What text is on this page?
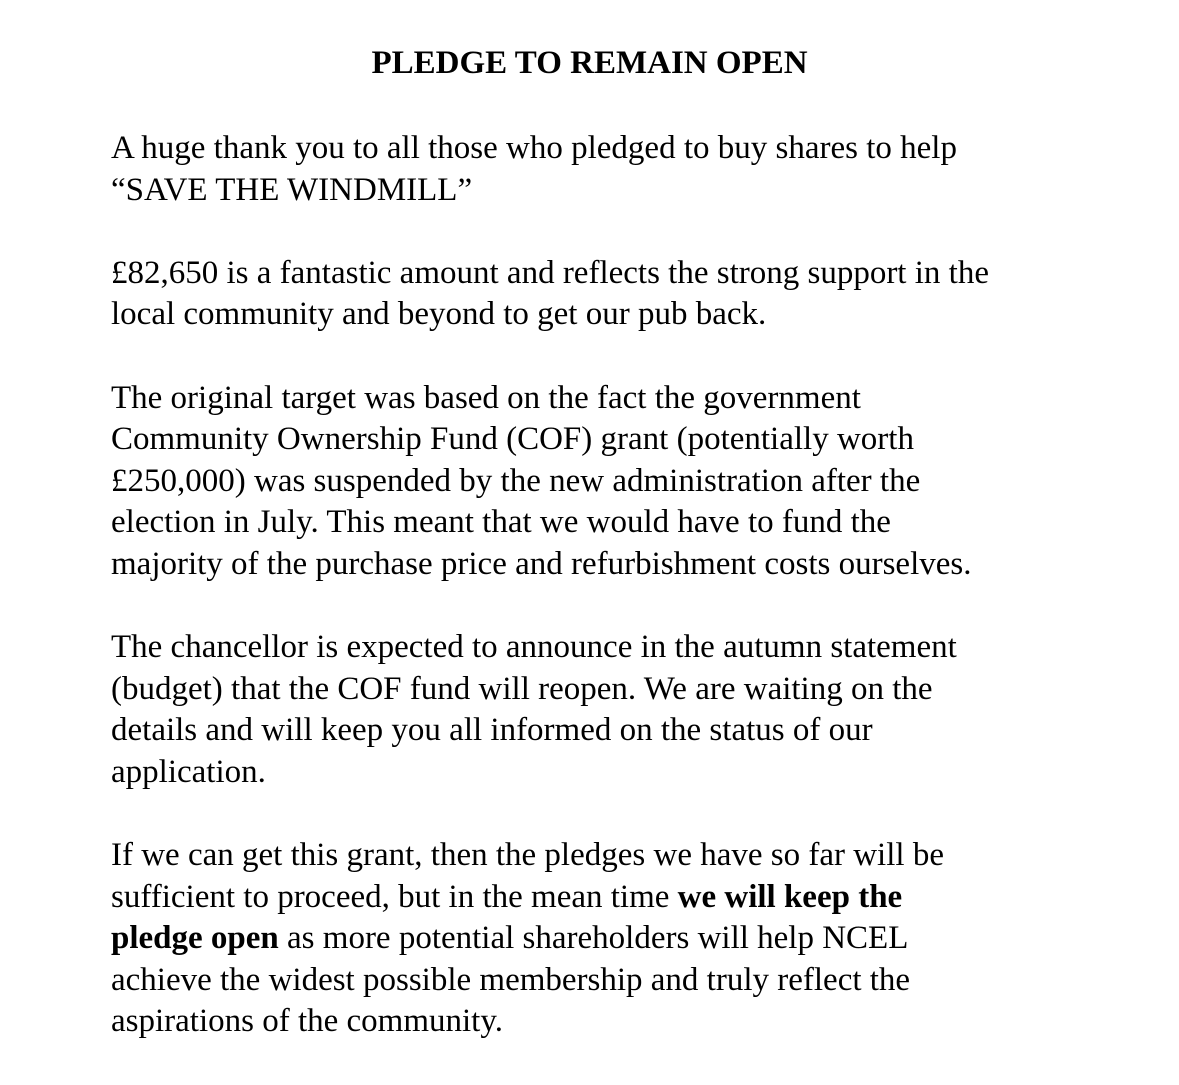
PLEDGE TO REMAIN OPEN

A huge thank you to all those who pledged to buy shares to help
“SAVE THE WINDMILL”

£82,650 is a fantastic amount and reflects the strong support in the
local community and beyond to get our pub back.

The original target was based on the fact the government
Community Ownership Fund (COF) grant (potentially worth
£250,000) was suspended by the new administration after the
election in July. This meant that we would have to fund the
majority of the purchase price and refurbishment costs ourselves.

The chancellor is expected to announce in the autumn statement
(budget) that the COF fund will reopen. We are waiting on the
details and will keep you all informed on the status of our
application.

If we can get this grant, then the pledges we have so far will be
sufficient to proceed, but in the mean time we will keep the
pledge open as more potential shareholders will help NCEL
achieve the widest possible membership and truly reflect the
aspirations of the community.
